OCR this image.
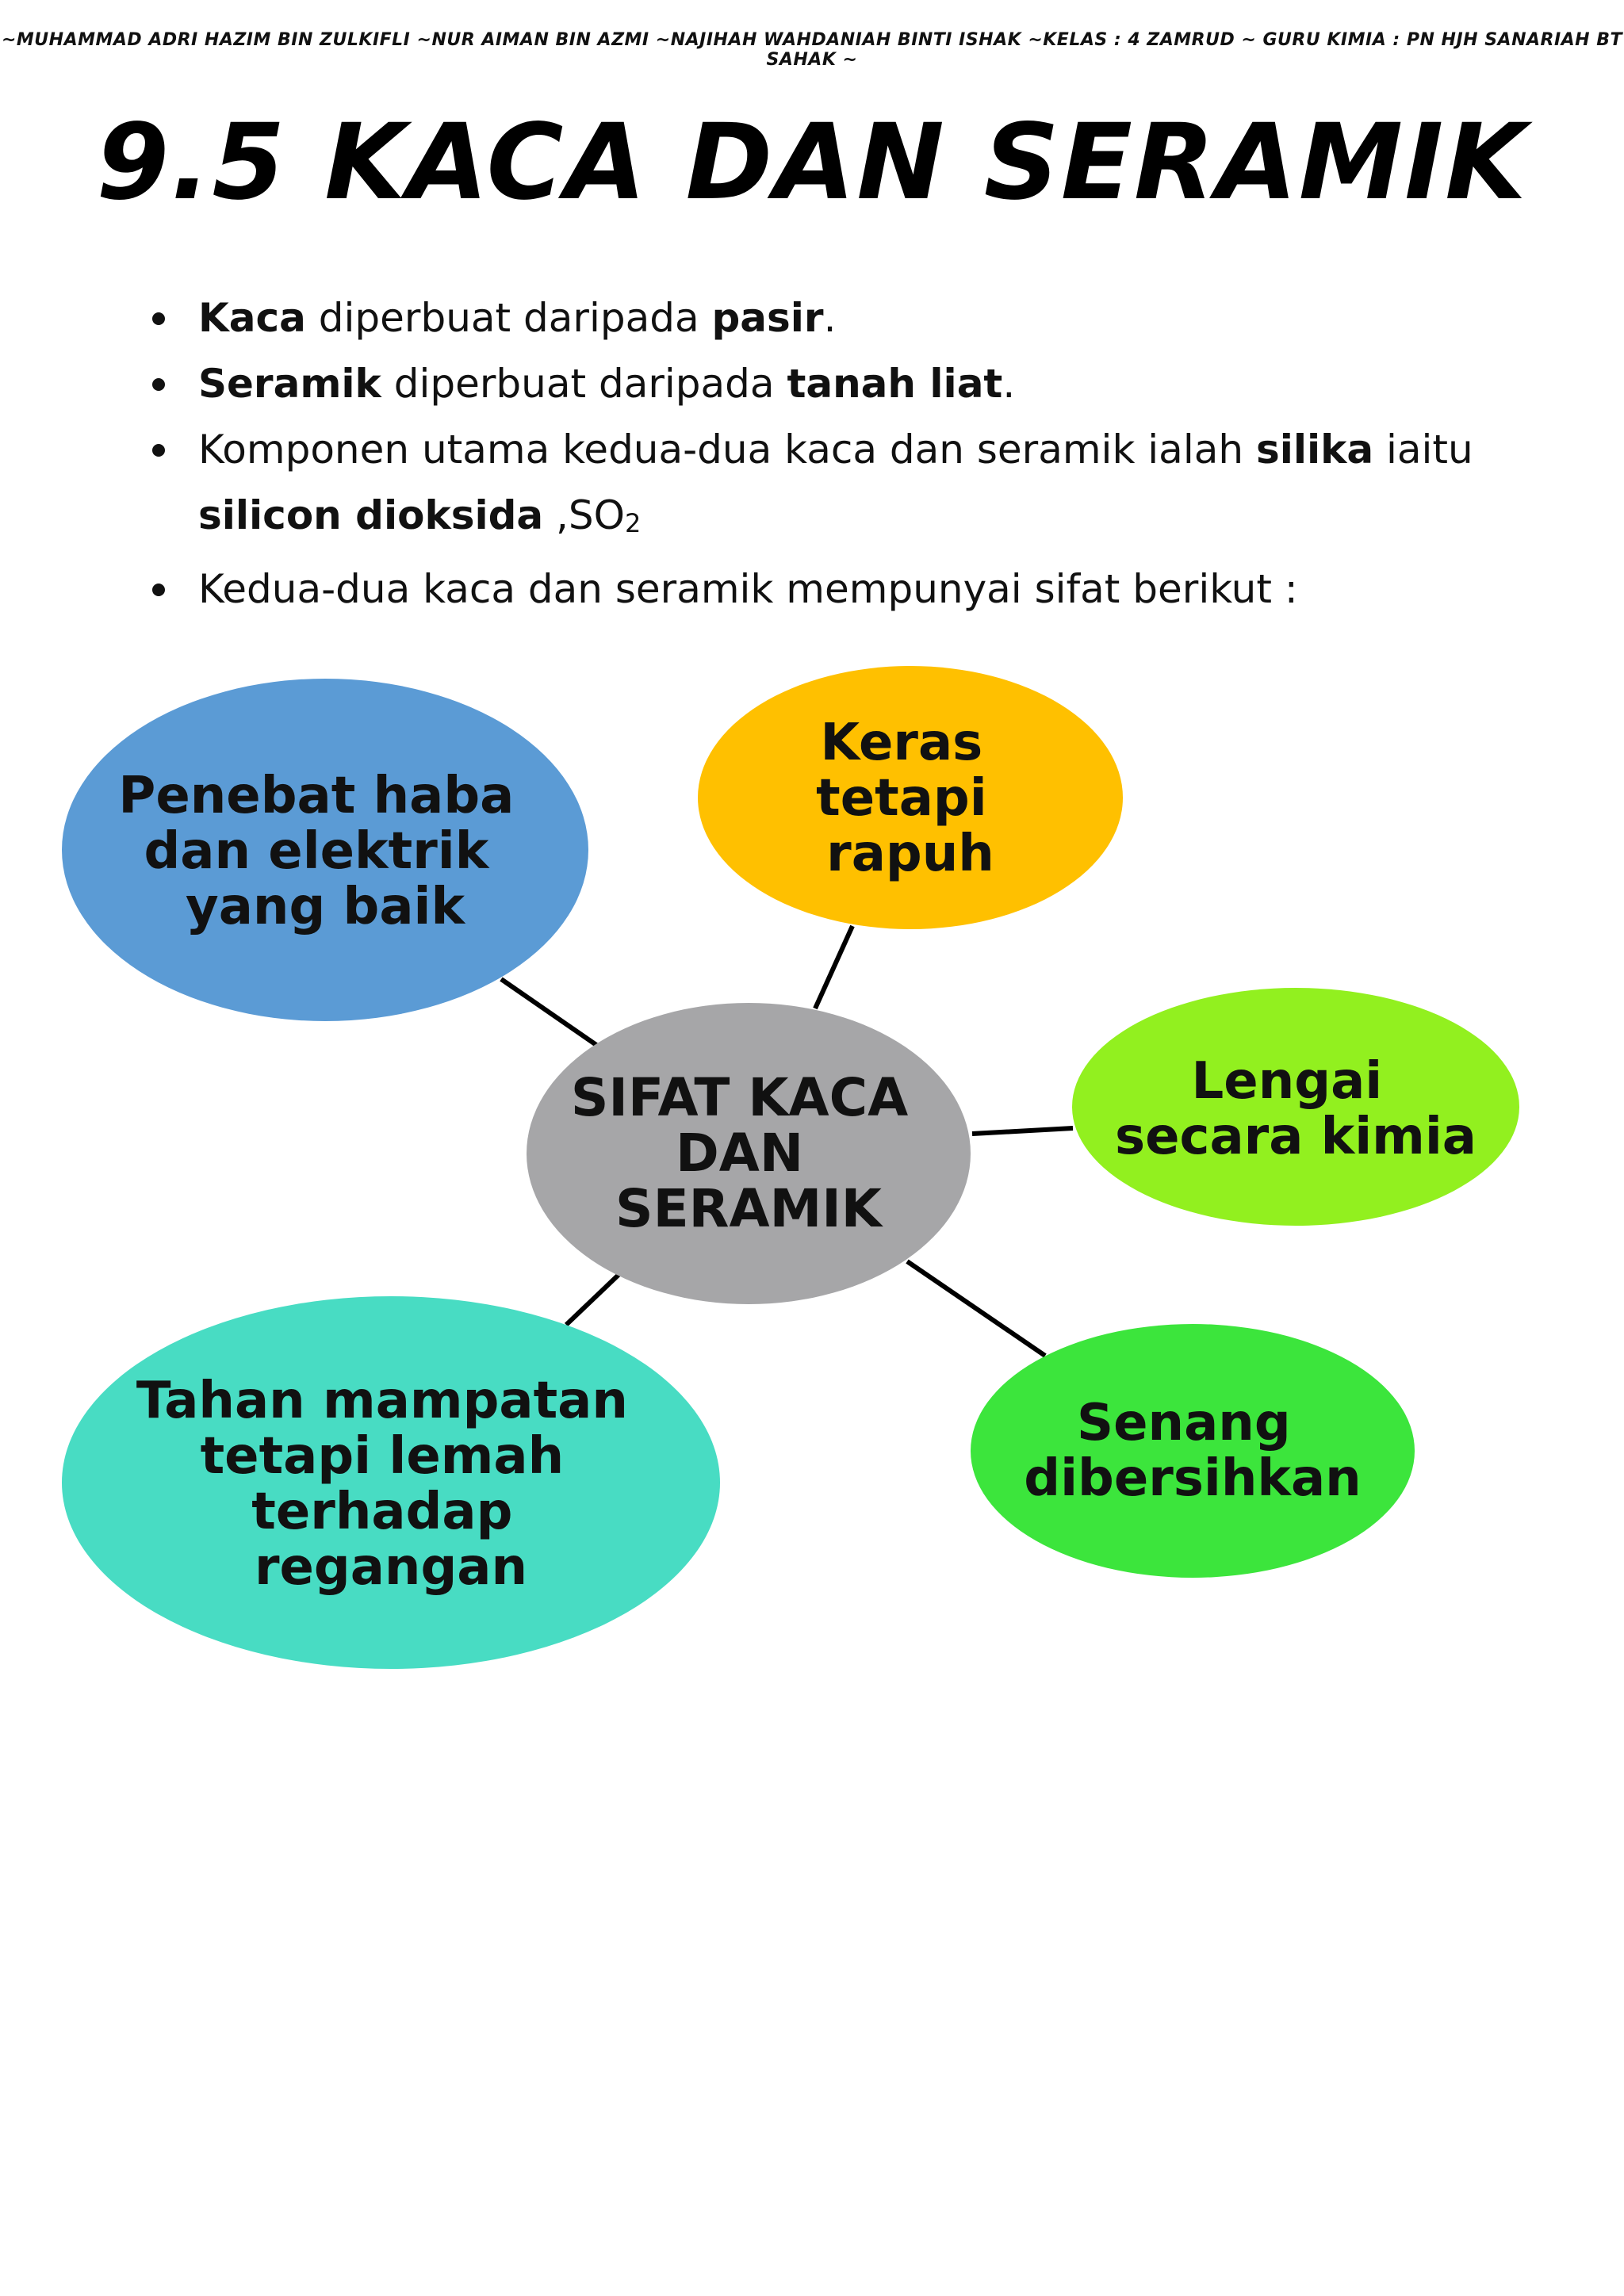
~MUHAMMAD ADRI HAZIM BIN ZULKIFLI ~NUR AIMAN BIN AZMI ~NAJIHAH WAHDANIAH BINTI ISHAK ~KELAS : 4 ZAMRUD ~ GURU KIMIA : PN HJH SANARIAH BT SAHAK ~
9.5 KACA DAN SERAMIK
Kaca diperbuat daripada pasir.
Seramik diperbuat daripada tanah liat.
Komponen utama kedua-dua kaca dan seramik ialah silika iaitu silicon dioksida $,SO_2$
Kedua-dua kaca dan seramik mempunyai sifat berikut :
SIFAT KACA DAN SERAMIK
Penebat haba dan elektrik yang baik
Keras tetapi rapuh
Lengai secara kimia
Senang dibersihkan
Tahan mampatan tetapi lemah terhadap regangan
